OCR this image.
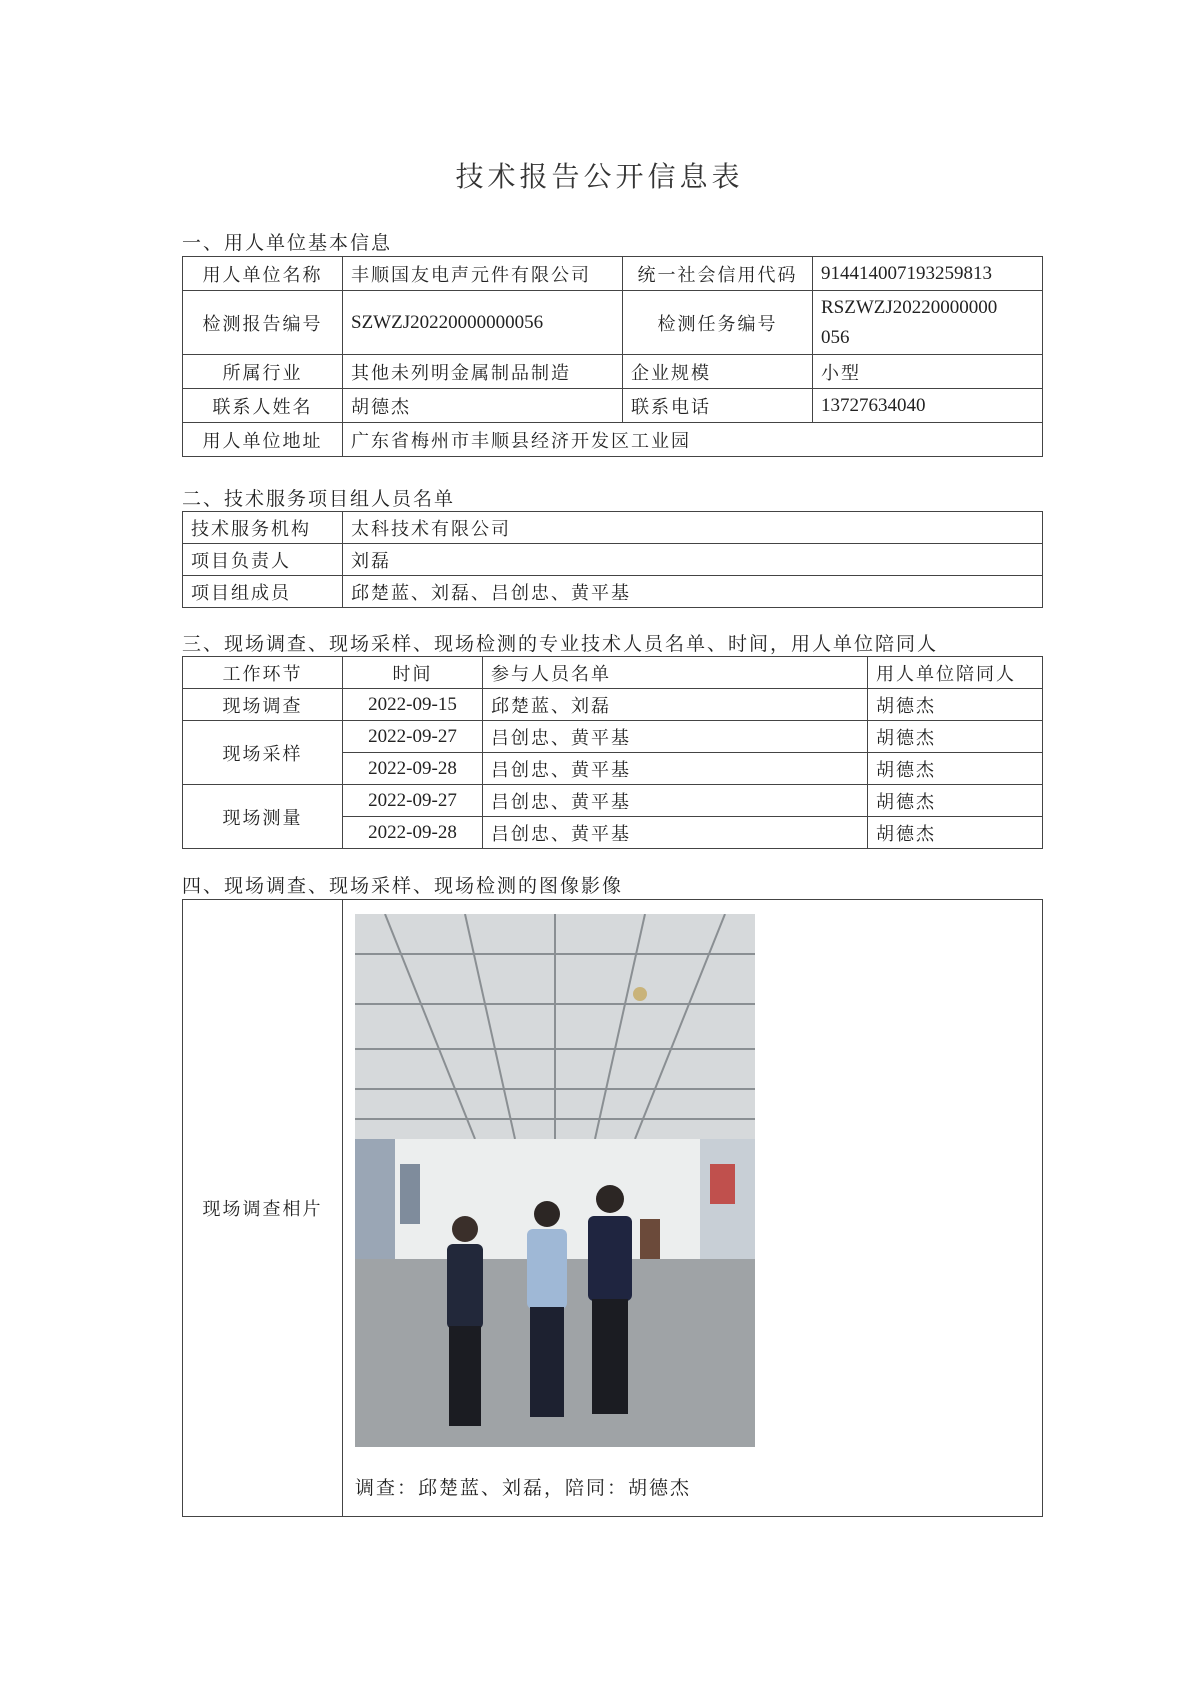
技术报告公开信息表
一、用人单位基本信息
用人单位名称	丰顺国友电声元件有限公司	统一社会信用代码	914414007193259813
检测报告编号	SZWZJ20220000000056	检测任务编号	RSZWZJ20220000000
056
所属行业	其他未列明金属制品制造	企业规模	小型
联系人姓名	胡德杰	联系电话	13727634040
用人单位地址	广东省梅州市丰顺县经济开发区工业园		
二、技术服务项目组人员名单
技术服务机构	太科技术有限公司
项目负责人	刘磊
项目组成员	邱楚蓝、刘磊、吕创忠、黄平基
三、现场调查、现场采样、现场检测的专业技术人员名单、时间，用人单位陪同人
工作环节	时间	参与人员名单	用人单位陪同人
现场调查	2022-09-15	邱楚蓝、刘磊	胡德杰
现场采样	2022-09-27	吕创忠、黄平基	胡德杰
	2022-09-28	吕创忠、黄平基	胡德杰
现场测量	2022-09-27	吕创忠、黄平基	胡德杰
	2022-09-28	吕创忠、黄平基	胡德杰
四、现场调查、现场采样、现场检测的图像影像
现场调查相片	
调查：邱楚蓝、刘磊，陪同：胡德杰
